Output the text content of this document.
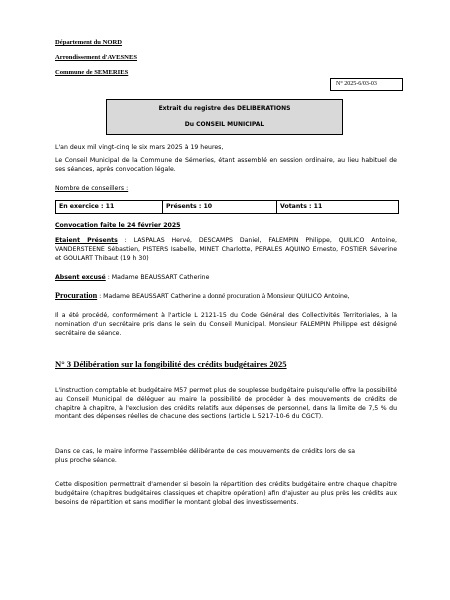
Département du NORD
Arrondissement d'AVESNES
Commune de SEMERIES
N° 2025-6/03-03
Extrait du registre des DELIBERATIONS
Du CONSEIL MUNICIPAL
L'an deux mil vingt-cinq le six mars 2025 à 19 heures,
Le Conseil Municipal de la Commune de Sémeries, étant assemblé en session ordinaire, au lieu habituel de ses séances, après convocation légale.
Nombre de conseillers :
En exercice : 11	Présents : 10	Votants : 11
Convocation faite le 24 février 2025
Etaient Présents : LASPALAS Hervé, DESCAMPS Daniel, FALEMPIN Philippe, QUILICO Antoine, VANDERSTEENE Sébastien, PISTERS Isabelle, MINET Charlotte, PERALES AQUINO Ernesto, FOSTIER Séverine et GOULART Thibaut (19 h 30)
Absent excusé : Madame BEAUSSART Catherine
Procuration : Madame BEAUSSART Catherine a donné procuration à Monsieur QUILICO Antoine,
Il a été procédé, conformément à l'article L 2121-15 du Code Général des Collectivités Territoriales, à la nomination d'un secrétaire pris dans le sein du Conseil Municipal. Monsieur FALEMPIN Philippe est désigné secrétaire de séance.
N° 3 Délibération sur la fongibilité des crédits budgétaires 2025
L'instruction comptable et budgétaire M57 permet plus de souplesse budgétaire puisqu'elle offre la possibilité au Conseil Municipal de déléguer au maire la possibilité de procéder à des mouvements de crédits de chapitre à chapitre, à l'exclusion des crédits relatifs aux dépenses de personnel, dans la limite de 7,5 % du montant des dépenses réelles de chacune des sections (article L 5217-10-6 du CGCT).
Dans ce cas, le maire informe l'assemblée délibérante de ces mouvements de crédits lors de sa plus proche séance.
Cette disposition permettrait d'amender si besoin la répartition des crédits budgétaire entre chaque chapitre budgétaire (chapitres budgétaires classiques et chapitre opération) afin d'ajuster au plus près les crédits aux besoins de répartition et sans modifier le montant global des investissements.
